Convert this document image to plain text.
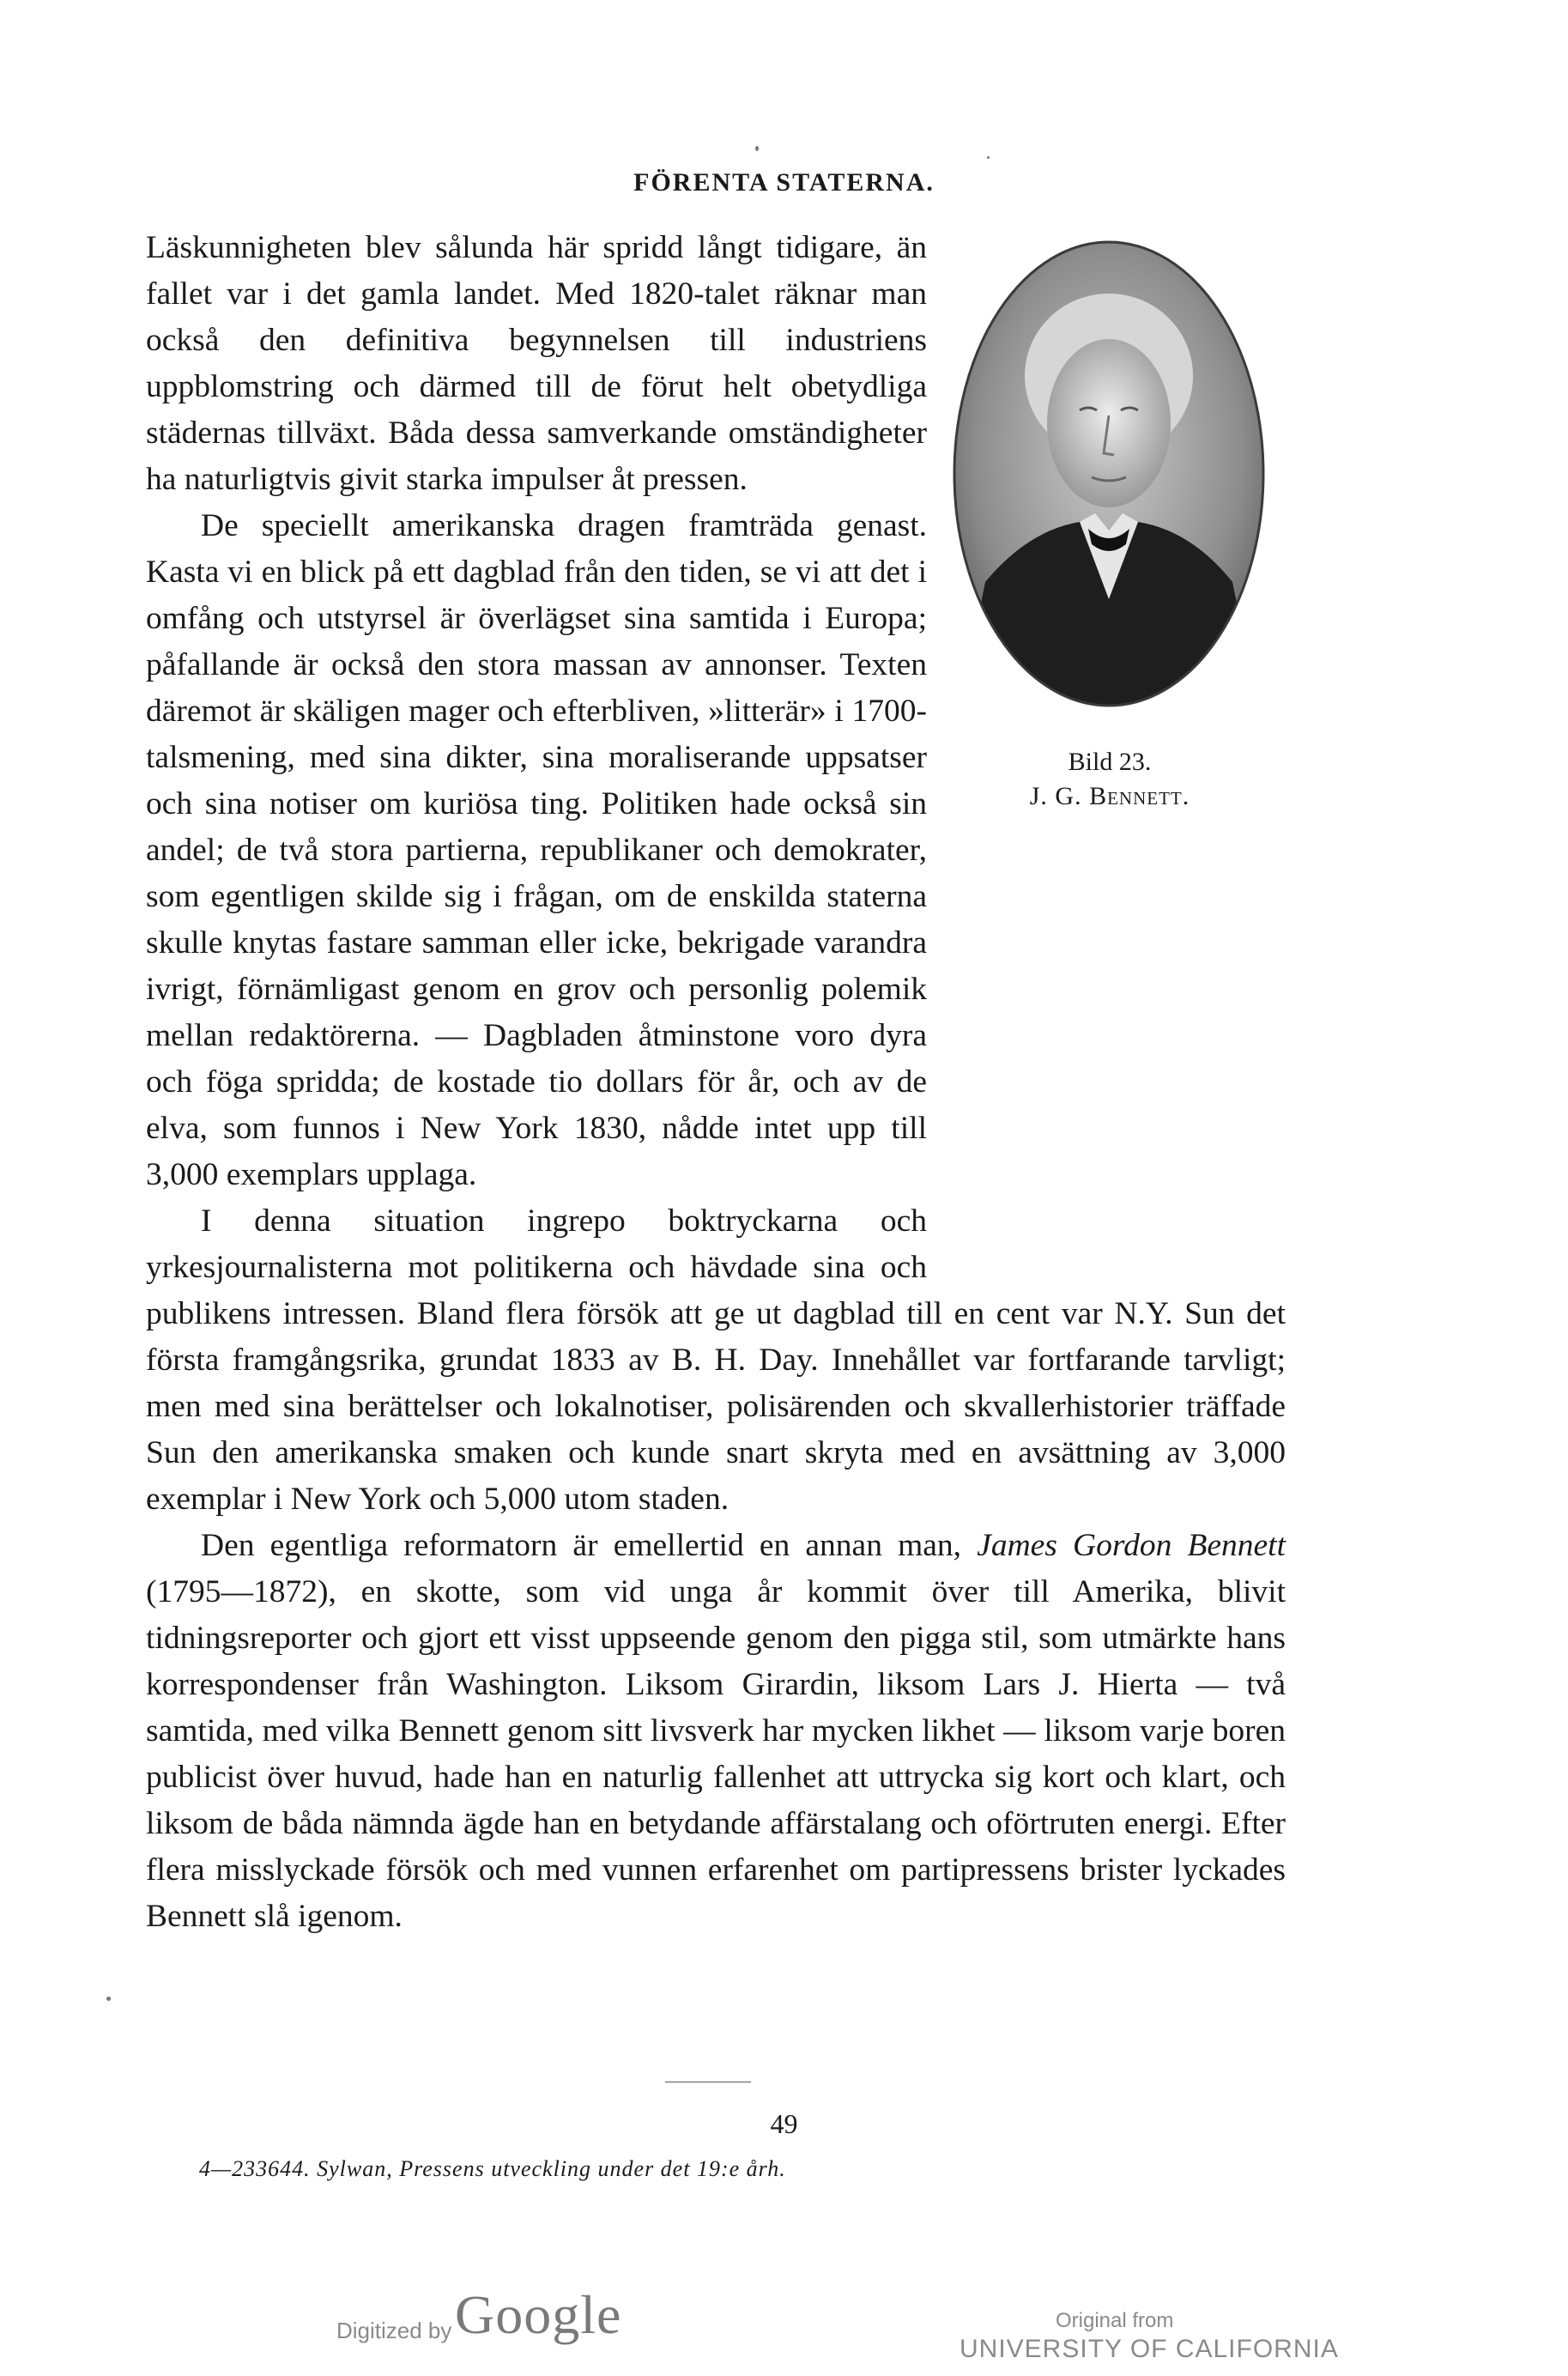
FÖRENTA STATERNA.
Bild 23.
J. G. Bennett.

Läskunnigheten blev sålunda här spridd långt tidigare, än fallet var i det gamla landet. Med 1820-talet räknar man också den definitiva begynnelsen till industriens uppblomstring och därmed till de förut helt obetydliga städernas tillväxt. Båda dessa samverkande omständigheter ha naturligtvis givit starka impulser åt pressen.

De speciellt amerikanska dragen framträda genast. Kasta vi en blick på ett dagblad från den tiden, se vi att det i omfång och utstyrsel är överlägset sina samtida i Europa; påfallande är också den stora massan av annonser. Texten däremot är skäligen mager och efterbliven, »litterär» i 1700-talsmening, med sina dikter, sina moraliserande uppsatser och sina notiser om kuriösa ting. Politiken hade också sin andel; de två stora partierna, republikaner och demokrater, som egentligen skilde sig i frågan, om de enskilda staterna skulle knytas fastare samman eller icke, bekrigade varandra ivrigt, förnämligast genom en grov och personlig polemik mellan redaktörerna. — Dagbladen åtminstone voro dyra och föga spridda; de kostade tio dollars för år, och av de elva, som funnos i New York 1830, nådde intet upp till 3,000 exemplars upplaga.

I denna situation ingrepo boktryckarna och yrkesjournalisterna mot politikerna och hävdade sina och publikens intressen. Bland flera försök att ge ut dagblad till en cent var N.Y. Sun det första framgångsrika, grundat 1833 av B. H. Day. Innehållet var fortfarande tarvligt; men med sina berättelser och lokalnotiser, polisärenden och skvallerhistorier träffade Sun den amerikanska smaken och kunde snart skryta med en avsättning av 3,000 exemplar i New York och 5,000 utom staden.

Den egentliga reformatorn är emellertid en annan man, James Gordon Bennett (1795—1872), en skotte, som vid unga år kommit över till Amerika, blivit tidningsreporter och gjort ett visst uppseende genom den pigga stil, som utmärkte hans korrespondenser från Washington. Liksom Girardin, liksom Lars J. Hierta — två samtida, med vilka Bennett genom sitt livsverk har mycken likhet — liksom varje boren publicist över huvud, hade han en naturlig fallenhet att uttrycka sig kort och klart, och liksom de båda nämnda ägde han en betydande affärstalang och oförtruten energi. Efter flera misslyckade försök och med vunnen erfarenhet om partipressens brister lyckades Bennett slå igenom.

49
4—233644. Sylwan, Pressens utveckling under det 19:e årh.
Digitized by Google	Original from
UNIVERSITY OF CALIFORNIA
